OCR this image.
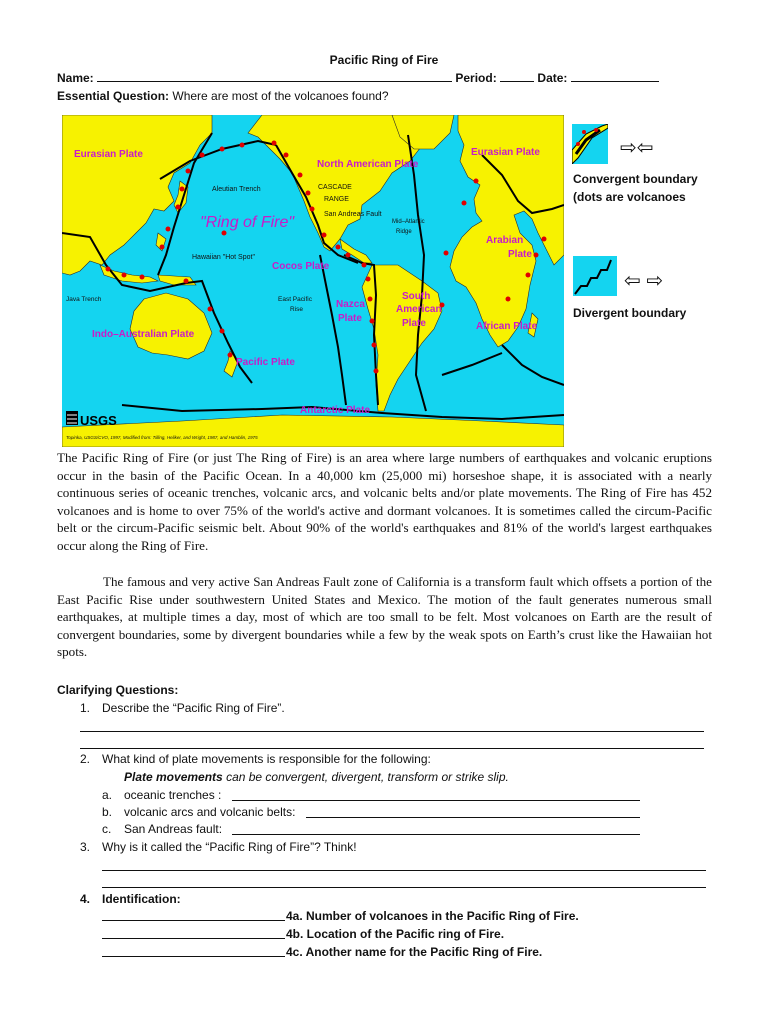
Pacific Ring of Fire
Name:	Period:	Date:
Essential Question: Where are most of the volcanoes found?
Eurasian Plate
North American Plate
Eurasian Plate
Arabian
Plate
Cocos Plate
Nazca
Plate
South
American
Plate	African Plate
Indo–Australian Plate
Pacific Plate
Antarctic Plate
"Ring of Fire"
Aleutian Trench	CASCADE
RANGE
San Andreas Fault
Mid–Atlantic
Ridge
Hawaiian "Hot Spot"
East Pacific
Rise
Java Trench
USGS
Topinka, USGS/CVO, 1997, Modified from: Tilling, Heliker, and Wright, 1987, and Hamblin, 1975
⇨⇦
Convergent boundary
(dots are volcanoes
⇦ ⇨
Divergent boundary
The Pacific Ring of Fire (or just The Ring of Fire) is an area where large numbers of earthquakes and volcanic eruptions occur in the basin of the Pacific Ocean. In a 40,000 km (25,000 mi) horseshoe shape, it is associated with a nearly continuous series of oceanic trenches, volcanic arcs, and volcanic belts and/or plate movements. The Ring of Fire has 452 volcanoes and is home to over 75% of the world's active and dormant volcanoes. It is sometimes called the circum-Pacific belt or the circum-Pacific seismic belt. About 90% of the world's earthquakes and 81% of the world's largest earthquakes occur along the Ring of Fire.
The famous and very active San Andreas Fault zone of California is a transform fault which offsets a portion of the East Pacific Rise under southwestern United States and Mexico. The motion of the fault generates numerous small earthquakes, at multiple times a day, most of which are too small to be felt. Most volcanoes on Earth are the result of convergent boundaries, some by divergent boundaries while a few by the weak spots on Earth’s crust like the Hawaiian hot spots.
Clarifying Questions:
1. Describe the “Pacific Ring of Fire”.
2. What kind of plate movements is responsible for the following:
Plate movements can be convergent, divergent, transform or strike slip.
a. oceanic trenches :
b. volcanic arcs and volcanic belts:
c. San Andreas fault:
3. Why is it called the “Pacific Ring of Fire”? Think!
4. Identification:
4a. Number of volcanoes in the Pacific Ring of Fire.
4b. Location of the Pacific ring of Fire.
4c. Another name for the Pacific Ring of Fire.
